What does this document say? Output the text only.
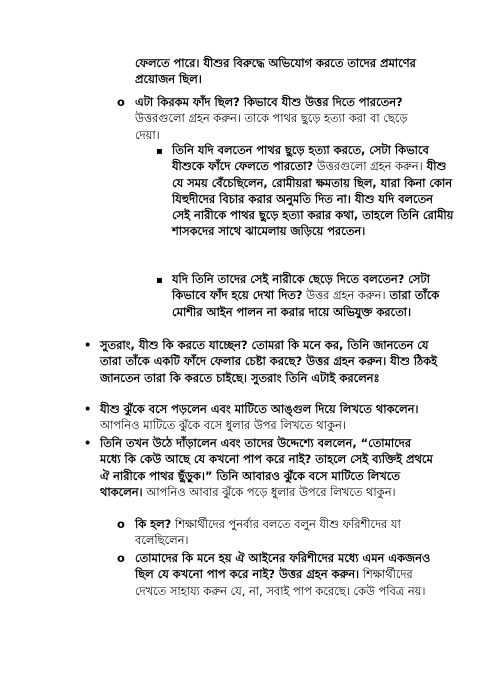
ফেলতে পারে। যীশুর বিরুদ্ধে অভিযোগ করতে তাদের প্রমাণের প্রয়োজন ছিল।

o এটা কিরকম ফাঁদ ছিল? কিভাবে যীশু উত্তর দিতে পারতেন? উত্তরগুলো গ্রহন করুন। তাকে পাথর ছুড়ে হত্যা করা বা ছেড়ে দেয়া।

▪ তিনি যদি বলতেন পাথর ছুড়ে হত্যা করতে, সেটা কিভাবে যীশুকে ফাঁদে ফেলতে পারতো? উত্তরগুলো গ্রহন করুন। যীশু যে সময় বেঁচেছিলেন, রোমীয়রা ক্ষমতায় ছিল, যারা কিনা কোন যিহুদীদের বিচার করার অনুমতি দিত না। যীশু যদি বলতেন সেই নারীকে পাথর ছুড়ে হত্যা করার কথা, তাহলে তিনি রোমীয় শাসকদের সাথে ঝামেলায় জড়িয়ে পরতেন।

▪ যদি তিনি তাদের সেই নারীকে ছেড়ে দিতে বলতেন? সেটা কিভাবে ফাঁদ হয়ে দেখা দিত? উত্তর গ্রহন করুন। তারা তাঁকে মোশীর আইন পালন না করার দায়ে অভিযুক্ত করতো।

• সুতরাং, যীশু কি করতে যাচ্ছেন? তোমরা কি মনে কর, তিনি জানতেন যে তারা তাঁকে একটি ফাঁদে ফেলার চেষ্টা করছে? উত্তর গ্রহন করুন। যীশু ঠিকই জানতেন তারা কি করতে চাইছে। সুতরাং তিনি এটাই করলেনঃ

• যীশু ঝুঁকে বসে পড়লেন এবং মাটিতে আঙ্গুল দিয়ে লিখতে থাকলেন। আপনিও মাটিতে ঝুঁকে বসে ধুলার উপর লিখতে থাকুন।

• তিনি তখন উঠে দাঁড়ালেন এবং তাদের উদ্দেশ্যে বললেন, “তোমাদের মধ্যে কি কেউ আছে যে কখনো পাপ করে নাই? তাহলে সেই ব্যক্তিই প্রথমে ঐ নারীকে পাথর ছুঁড়ুক।” তিনি আবারও ঝুঁকে বসে মাটিতে লিখতে থাকলেন। আপনিও আবার ঝুঁকে পড়ে ধুলার উপরে লিখতে থাকুন।

o কি হল? শিক্ষার্থীদের পুনর্বার বলতে বলুন যীশু ফরিশীদের যা বলেছিলেন।

o তোমাদের কি মনে হয় ঐ আইনের ফরিশীদের মধ্যে এমন একজনও ছিল যে কখনো পাপ করে নাই? উত্তর গ্রহন করুন। শিক্ষার্থীদের দেখতে সাহায্য করুন যে, না, সবাই পাপ করেছে। কেউ পবিত্র নয়।
